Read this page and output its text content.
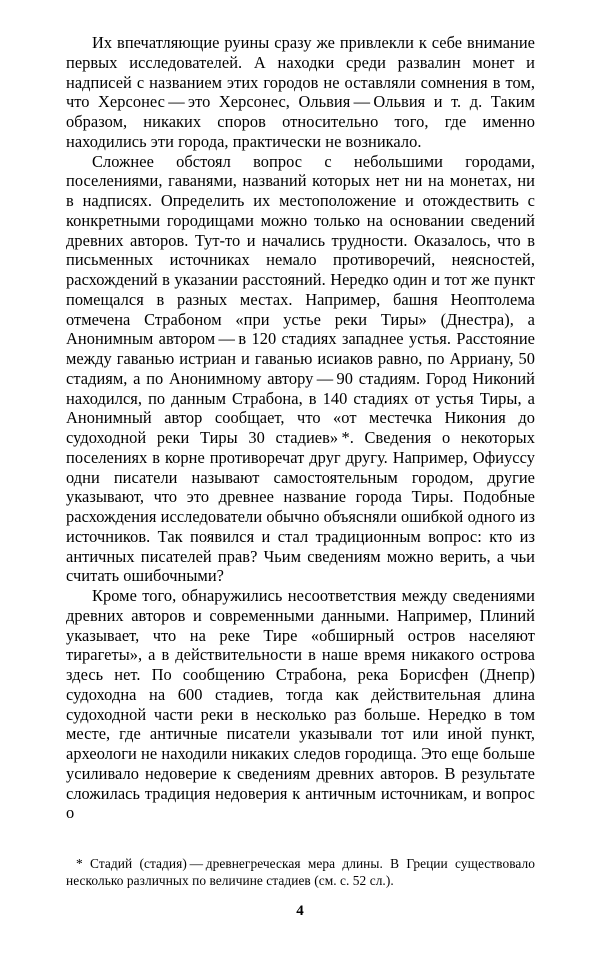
Их впечатляющие руины сразу же привлекли к себе внимание первых исследователей. А находки среди развалин монет и надписей с названием этих городов не оставляли сомнения в том, что Херсонес — это Херсонес, Ольвия — Ольвия и т. д. Таким образом, никаких споров относительно того, где именно находились эти города, практически не возникало.

Сложнее обстоял вопрос с небольшими городами, поселениями, гаванями, названий которых нет ни на монетах, ни в надписях. Определить их местоположение и отождествить с конкретными городищами можно только на основании сведений древних авторов. Тут-то и начались трудности. Оказалось, что в письменных источниках немало противоречий, неясностей, расхождений в указании расстояний. Нередко один и тот же пункт помещался в разных местах. Например, башня Неоптолема отмечена Страбоном «при устье реки Тиры» (Днестра), а Анонимным автором — в 120 стадиях западнее устья. Расстояние между гаванью истриан и гаванью исиаков равно, по Арриану, 50 стадиям, а по Анонимному автору — 90 стадиям. Город Никоний находился, по данным Страбона, в 140 стадиях от устья Тиры, а Анонимный автор сообщает, что «от местечка Никония до судоходной реки Тиры 30 стадиев» *. Сведения о некоторых поселениях в корне противоречат друг другу. Например, Офиуссу одни писатели называют самостоятельным городом, другие указывают, что это древнее название города Тиры. Подобные расхождения исследователи обычно объясняли ошибкой одного из источников. Так появился и стал традиционным вопрос: кто из античных писателей прав? Чьим сведениям можно верить, а чьи считать ошибочными?

Кроме того, обнаружились несоответствия между сведениями древних авторов и современными данными. Например, Плиний указывает, что на реке Тире «обширный остров населяют тирагеты», а в действительности в наше время никакого острова здесь нет. По сообщению Страбона, река Борисфен (Днепр) судоходна на 600 стадиев, тогда как действительная длина судоходной части реки в несколько раз больше. Нередко в том месте, где античные писатели указывали тот или иной пункт, археологи не находили никаких следов городища. Это еще больше усиливало недоверие к сведениям древних авторов. В результате сложилась традиция недоверия к античным источникам, и вопрос о

* Стадий (стадия) — древнегреческая мера длины. В Греции существовало несколько различных по величине стадиев (см. с. 52 сл.).

4
